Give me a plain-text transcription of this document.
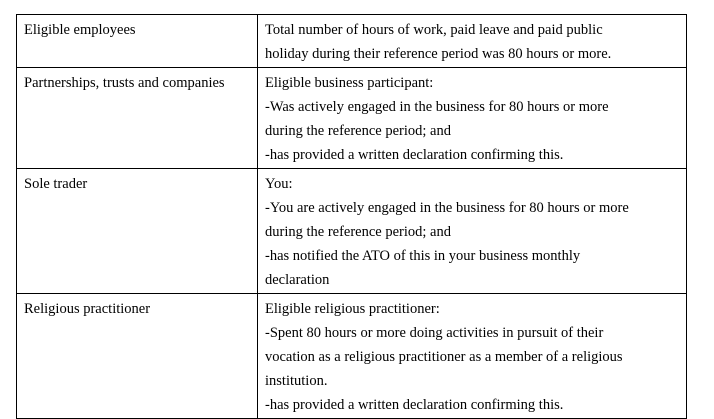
Eligible employees	Total number of hours of work, paid leave and paid public
holiday during their reference period was 80 hours or more.

Partnerships, trusts and companies	Eligible business participant:
-Was actively engaged in the business for 80 hours or more
during the reference period; and
-has provided a written declaration confirming this.

Sole trader	You:
-You are actively engaged in the business for 80 hours or more
during the reference period; and
-has notified the ATO of this in your business monthly
declaration

Religious practitioner	Eligible religious practitioner:
-Spent 80 hours or more doing activities in pursuit of their
vocation as a religious practitioner as a member of a religious
institution.
-has provided a written declaration confirming this.
